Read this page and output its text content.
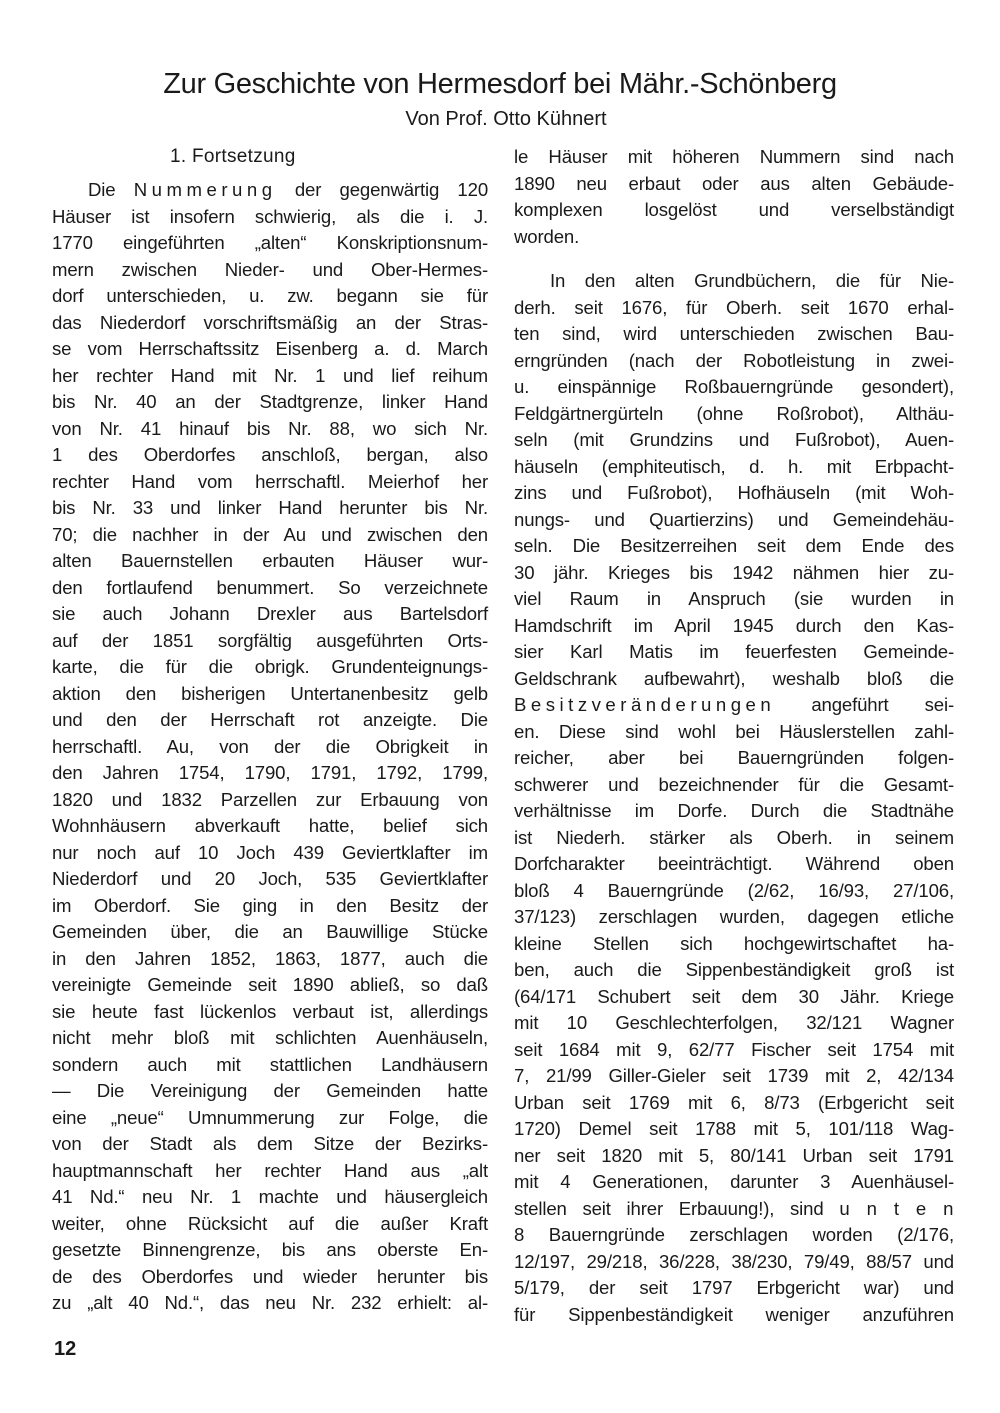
Zur Geschichte von Hermesdorf bei Mähr.-Schönberg
Von Prof. Otto Kühnert
1. Fortsetzung
Die Nummerung der gegenwärtig 120
Häuser ist insofern schwierig, als die i. J.
1770 eingeführten „alten“ Konskriptionsnum-
mern zwischen Nieder- und Ober-Hermes-
dorf unterschieden, u. zw. begann sie für
das Niederdorf vorschriftsmäßig an der Stras-
se vom Herrschaftssitz Eisenberg a. d. March
her rechter Hand mit Nr. 1 und lief reihum
bis Nr. 40 an der Stadtgrenze, linker Hand
von Nr. 41 hinauf bis Nr. 88, wo sich Nr.
1 des Oberdorfes anschloß, bergan, also
rechter Hand vom herrschaftl. Meierhof her
bis Nr. 33 und linker Hand herunter bis Nr.
70; die nachher in der Au und zwischen den
alten Bauernstellen erbauten Häuser wur-
den fortlaufend benummert. So verzeichnete
sie auch Johann Drexler aus Bartelsdorf
auf der 1851 sorgfältig ausgeführten Orts-
karte, die für die obrigk. Grundenteignungs-
aktion den bisherigen Untertanenbesitz gelb
und den der Herrschaft rot anzeigte. Die
herrschaftl. Au, von der die Obrigkeit in
den Jahren 1754, 1790, 1791, 1792, 1799,
1820 und 1832 Parzellen zur Erbauung von
Wohnhäusern abverkauft hatte, belief sich
nur noch auf 10 Joch 439 Geviertklafter im
Niederdorf und 20 Joch, 535 Geviertklafter
im Oberdorf. Sie ging in den Besitz der
Gemeinden über, die an Bauwillige Stücke
in den Jahren 1852, 1863, 1877, auch die
vereinigte Gemeinde seit 1890 abließ, so daß
sie heute fast lückenlos verbaut ist, allerdings
nicht mehr bloß mit schlichten Auenhäuseln,
sondern auch mit stattlichen Landhäusern
— Die Vereinigung der Gemeinden hatte
eine „neue“ Umnummerung zur Folge, die
von der Stadt als dem Sitze der Bezirks-
hauptmannschaft her rechter Hand aus „alt
41 Nd.“ neu Nr. 1 machte und häusergleich
weiter, ohne Rücksicht auf die außer Kraft
gesetzte Binnengrenze, bis ans oberste En-
de des Oberdorfes und wieder herunter bis
zu „alt 40 Nd.“, das neu Nr. 232 erhielt: al-
le Häuser mit höheren Nummern sind nach
1890 neu erbaut oder aus alten Gebäude-
komplexen losgelöst und verselbständigt
worden.
In den alten Grundbüchern, die für Nie-
derh. seit 1676, für Oberh. seit 1670 erhal-
ten sind, wird unterschieden zwischen Bau-
erngründen (nach der Robotleistung in zwei-
u. einspännige Roßbauerngründe gesondert),
Feldgärtnergürteln (ohne Roßrobot), Althäu-
seln (mit Grundzins und Fußrobot), Auen-
häuseln (emphiteutisch, d. h. mit Erbpacht-
zins und Fußrobot), Hofhäuseln (mit Woh-
nungs- und Quartierzins) und Gemeindehäu-
seln. Die Besitzerreihen seit dem Ende des
30 jähr. Krieges bis 1942 nähmen hier zu-
viel Raum in Anspruch (sie wurden in
Hamdschrift im April 1945 durch den Kas-
sier Karl Matis im feuerfesten Gemeinde-
Geldschrank aufbewahrt), weshalb bloß die
Besitzveränderungen angeführt sei-
en. Diese sind wohl bei Häuslerstellen zahl-
reicher, aber bei Bauerngründen folgen-
schwerer und bezeichnender für die Gesamt-
verhältnisse im Dorfe. Durch die Stadtnähe
ist Niederh. stärker als Oberh. in seinem
Dorfcharakter beeinträchtigt. Während oben
bloß 4 Bauerngründe (2/62, 16/93, 27/106,
37/123) zerschlagen wurden, dagegen etliche
kleine Stellen sich hochgewirtschaftet ha-
ben, auch die Sippenbeständigkeit groß ist
(64/171 Schubert seit dem 30 Jähr. Kriege
mit 10 Geschlechterfolgen, 32/121 Wagner
seit 1684 mit 9, 62/77 Fischer seit 1754 mit
7, 21/99 Giller-Gieler seit 1739 mit 2, 42/134
Urban seit 1769 mit 6, 8/73 (Erbgericht seit
1720) Demel seit 1788 mit 5, 101/118 Wag-
ner seit 1820 mit 5, 80/141 Urban seit 1791
mit 4 Generationen, darunter 3 Auenhäusel-
stellen seit ihrer Erbauung!), sind u n t e n
8 Bauerngründe zerschlagen worden (2/176,
12/197, 29/218, 36/228, 38/230, 79/49, 88/57 und
5/179, der seit 1797 Erbgericht war) und
für Sippenbeständigkeit weniger anzuführen
12
